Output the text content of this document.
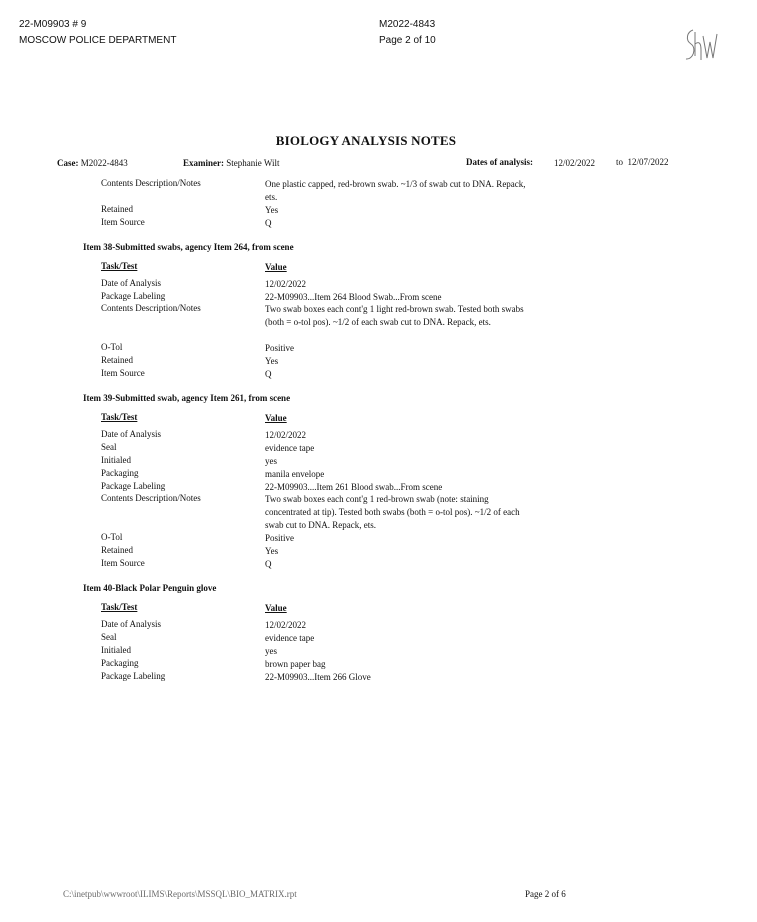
22-M09903 # 9
MOSCOW POLICE DEPARTMENT
M2022-4843
Page 2 of 10
BIOLOGY ANALYSIS NOTES
Case: M2022-4843	Examiner: Stephanie Wilt	Dates of analysis: 12/02/2022 to 12/07/2022
Contents Description/Notes	One plastic capped, red-brown swab. ~1/3 of swab cut to DNA. Repack, ets.
Retained	Yes
Item Source	Q
Item 38-Submitted swabs, agency Item 264, from scene
Task/Test	Value
Date of Analysis	12/02/2022
Package Labeling	22-M09903...Item 264 Blood Swab...From scene
Contents Description/Notes	Two swab boxes each cont'g 1 light red-brown swab. Tested both swabs (both = o-tol pos). ~1/2 of each swab cut to DNA. Repack, ets.
O-Tol	Positive
Retained	Yes
Item Source	Q
Item 39-Submitted swab, agency Item 261, from scene
Task/Test	Value
Date of Analysis	12/02/2022
Seal	evidence tape
Initialed	yes
Packaging	manila envelope
Package Labeling	22-M09903....Item 261 Blood swab...From scene
Contents Description/Notes	Two swab boxes each cont'g 1 red-brown swab (note: staining concentrated at tip). Tested both swabs (both = o-tol pos). ~1/2 of each swab cut to DNA. Repack, ets.
O-Tol	Positive
Retained	Yes
Item Source	Q
Item 40-Black Polar Penguin glove
Task/Test	Value
Date of Analysis	12/02/2022
Seal	evidence tape
Initialed	yes
Packaging	brown paper bag
Package Labeling	22-M09903...Item 266 Glove
C:\inetpub\wwwroot\ILIMS\Reports\MSSQL\BIO_MATRIX.rpt	Page 2 of 6
